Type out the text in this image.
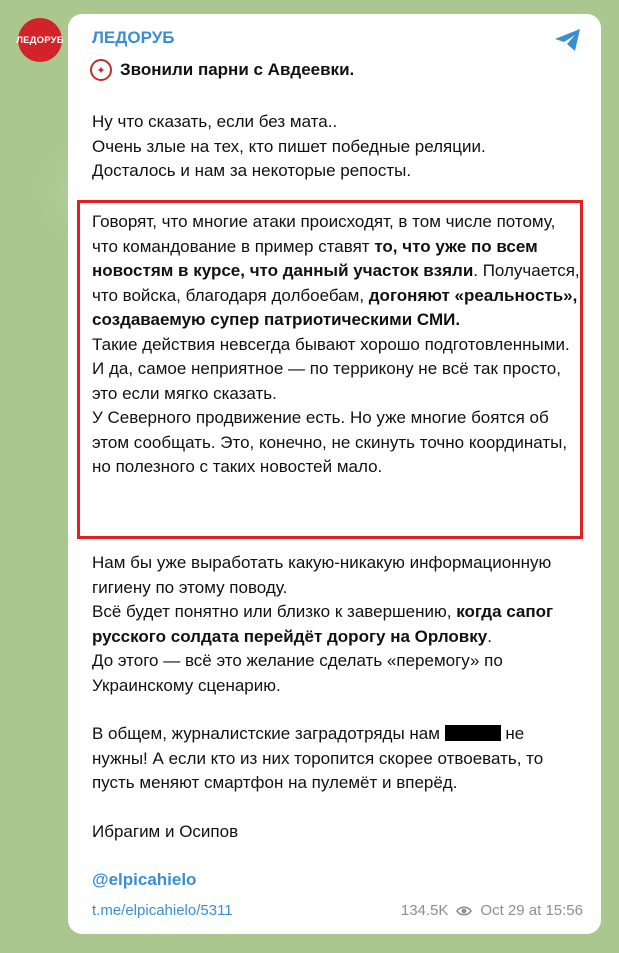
ЛЕДОРУБ ЛЕДОРУБ
✦ Звонили парни с Авдеевки.

Ну что сказать, если без мата..

Очень злые на тех, кто пишет победные реляции.

Досталось и нам за некоторые репосты.

Говорят, что многие атаки происходят, в том числе потому, что командование в пример ставят то, что уже по всем новостям в курсе, что данный участок взяли. Получается, что войска, благодаря долбоебам, догоняют «реальность», создаваемую супер патриотическими СМИ.

Такие действия невсегда бывают хорошо подготовленными.

И да, самое неприятное — по террикону не всё так просто, это если мягко сказать.

У Северного продвижение есть. Но уже многие боятся об этом сообщать. Это, конечно, не скинуть точно координаты, но полезного с таких новостей мало.

Нам бы уже выработать какую-никакую информационную гигиену по этому поводу.

Всё будет понятно или близко к завершению, когда сапог русского солдата перейдёт дорогу на Орловку.

До этого — всё это желание сделать «перемогу» по Украинскому сценарию.

В общем, журналистские заградотряды нам	не нужны! А если кто из них торопится скорее отвоевать, то пусть меняют смартфон на пулемёт и вперёд.

Ибрагим и Осипов
@elpicahielo
t.me/elpicahielo/5311	134.5K Oct 29 at 15:56
